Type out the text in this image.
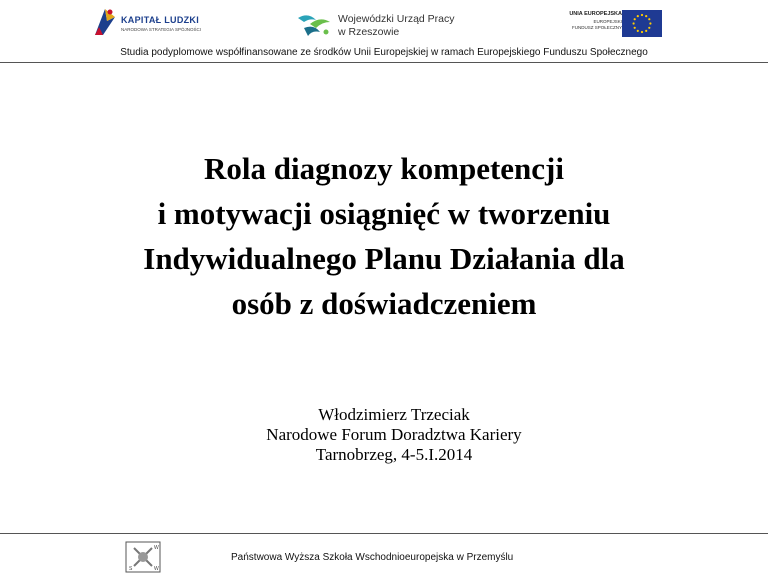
KAPITAŁ LUDZKI
NARODOWA STRATEGIA SPÓJNOŚCI
Wojewódzki Urząd Pracy
w Rzeszowie
UNIA EUROPEJSKA
EUROPEJSKI
FUNDUSZ SPOŁECZNY
Studia podyplomowe współfinansowane ze środków Unii Europejskiej w ramach Europejskiego Funduszu Społecznego
Rola diagnozy kompetencji
i motywacji osiągnięć w tworzeniu
Indywidualnego Planu Działania dla
osób z doświadczeniem
Włodzimierz Trzeciak
Narodowe Forum Doradztwa Kariery
Tarnobrzeg, 4-5.I.2014
W
S	W
Państwowa Wyższa Szkoła Wschodnioeuropejska w Przemyślu
